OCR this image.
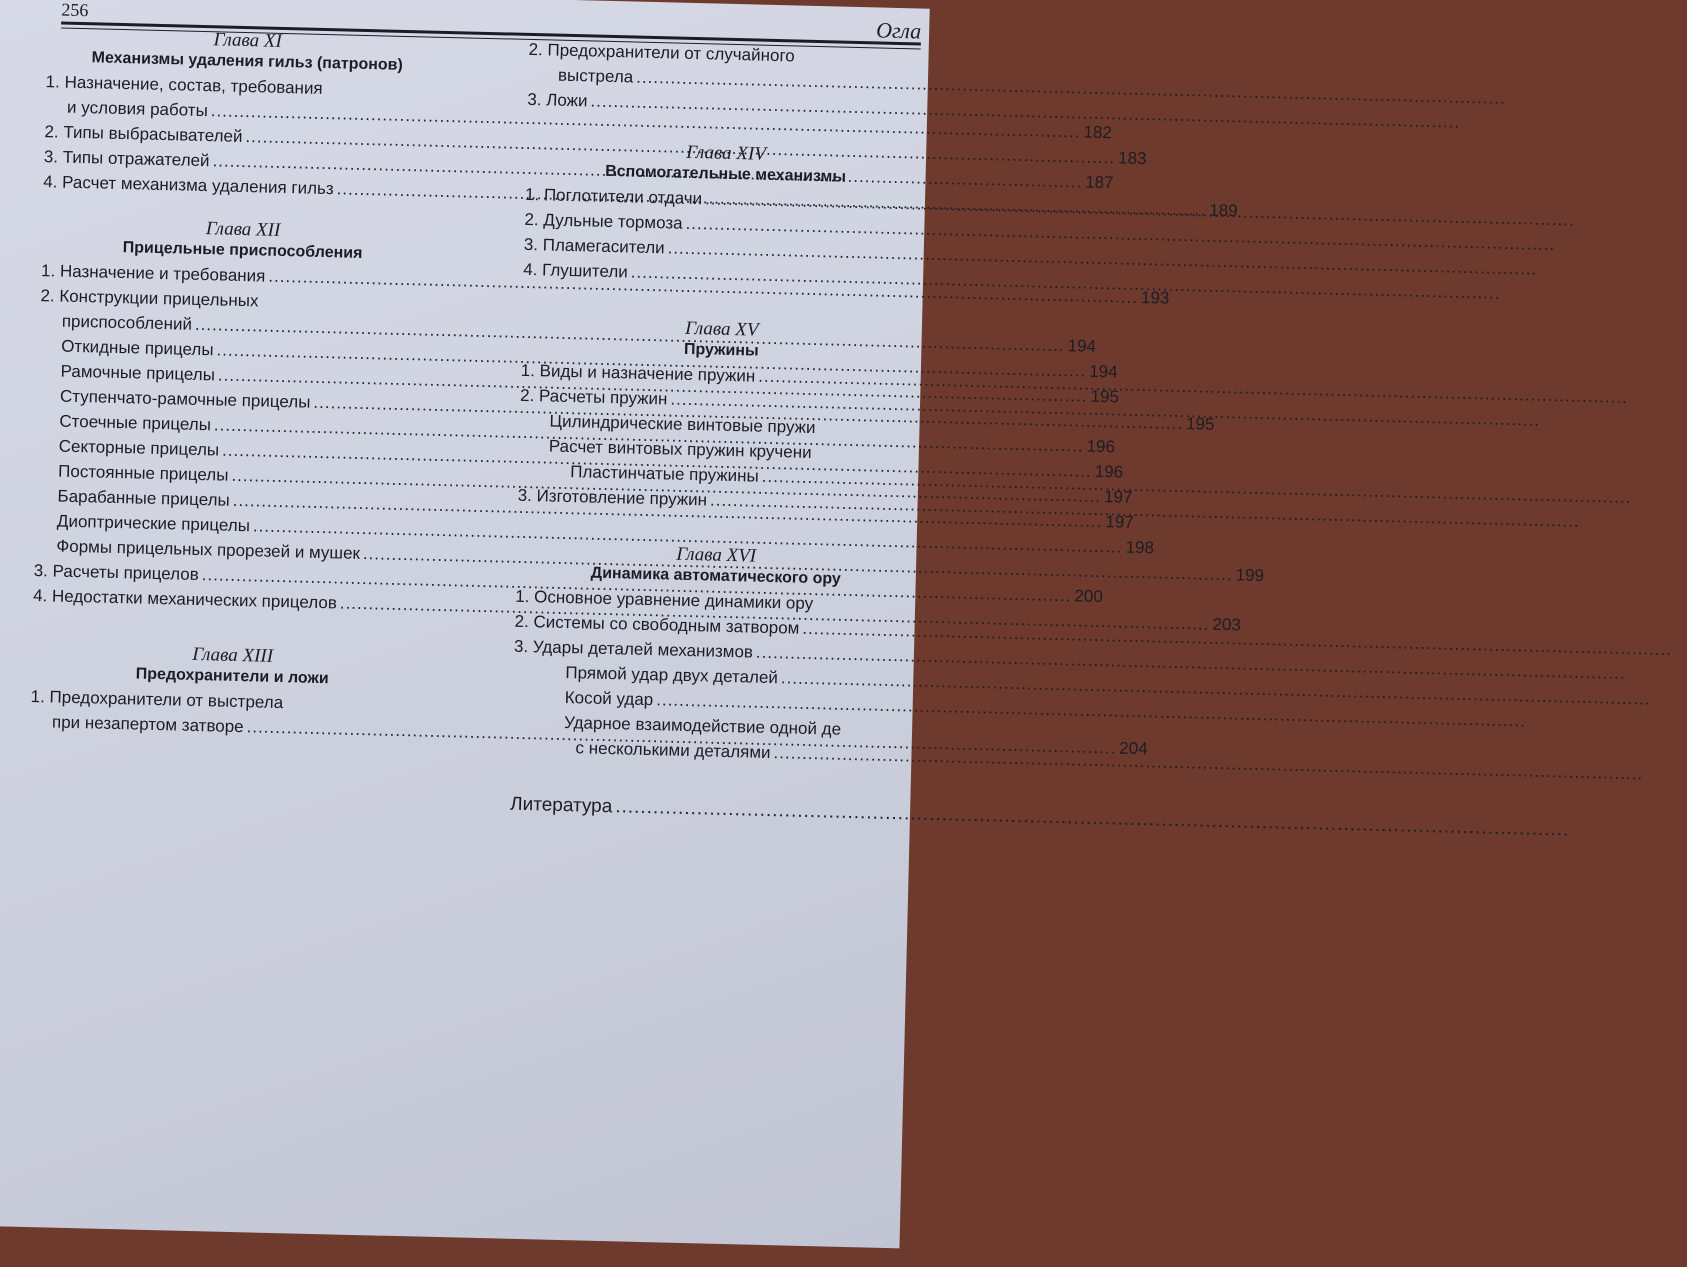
256
Огла
Глава XI
Механизмы удаления гильз (патронов)
1. Назначение, состав, требования
и условия работы
.....
182
2. Типы выбрасывателей
.....
183
3. Типы отражателей
.....
187
4. Расчет механизма удаления гильз
.....
189
Глава XII
Прицельные приспособления
1. Назначение и требования
.....
193
2. Конструкции прицельных
приспособлений
.....
194
Откидные прицелы
.....
194
Рамочные прицелы
.....
195
Ступенчато-рамочные прицелы
.....
195
Стоечные прицелы
.....
196
Секторные прицелы
.....
196
Постоянные прицелы
.....
197
Барабанные прицелы
.....
197
Диоптрические прицелы
.....
198
Формы прицельных прорезей и мушек
.....
199
3. Расчеты прицелов
.....
200
4. Недостатки механических прицелов
.....
203
Глава XIII
Предохранители и ложи
1. Предохранители от выстрела
при незапертом затворе
.....
204
2. Предохранители от случайного
выстрела
.....
3. Ложи
.....
Глава XIV
Вспомогательные механизмы
1. Поглотители отдачи
.....
2. Дульные тормоза
.....
3. Пламегасители
.....
4. Глушители
.....
Глава XV
Пружины
1. Виды и назначение пружин
.....
2. Расчеты пружин
.....
Цилиндрические винтовые пружи
Расчет винтовых пружин кручени
Пластинчатые пружины
.....
3. Изготовление пружин
.....
Глава XVI
Динамика автоматического ору
1. Основное уравнение динамики ору
2. Системы со свободным затвором
.....
3. Удары деталей механизмов
.....
Прямой удар двух деталей
.....
Косой удар
.....
Ударное взаимодействие одной де
с несколькими деталями
.....
Литература
.....
